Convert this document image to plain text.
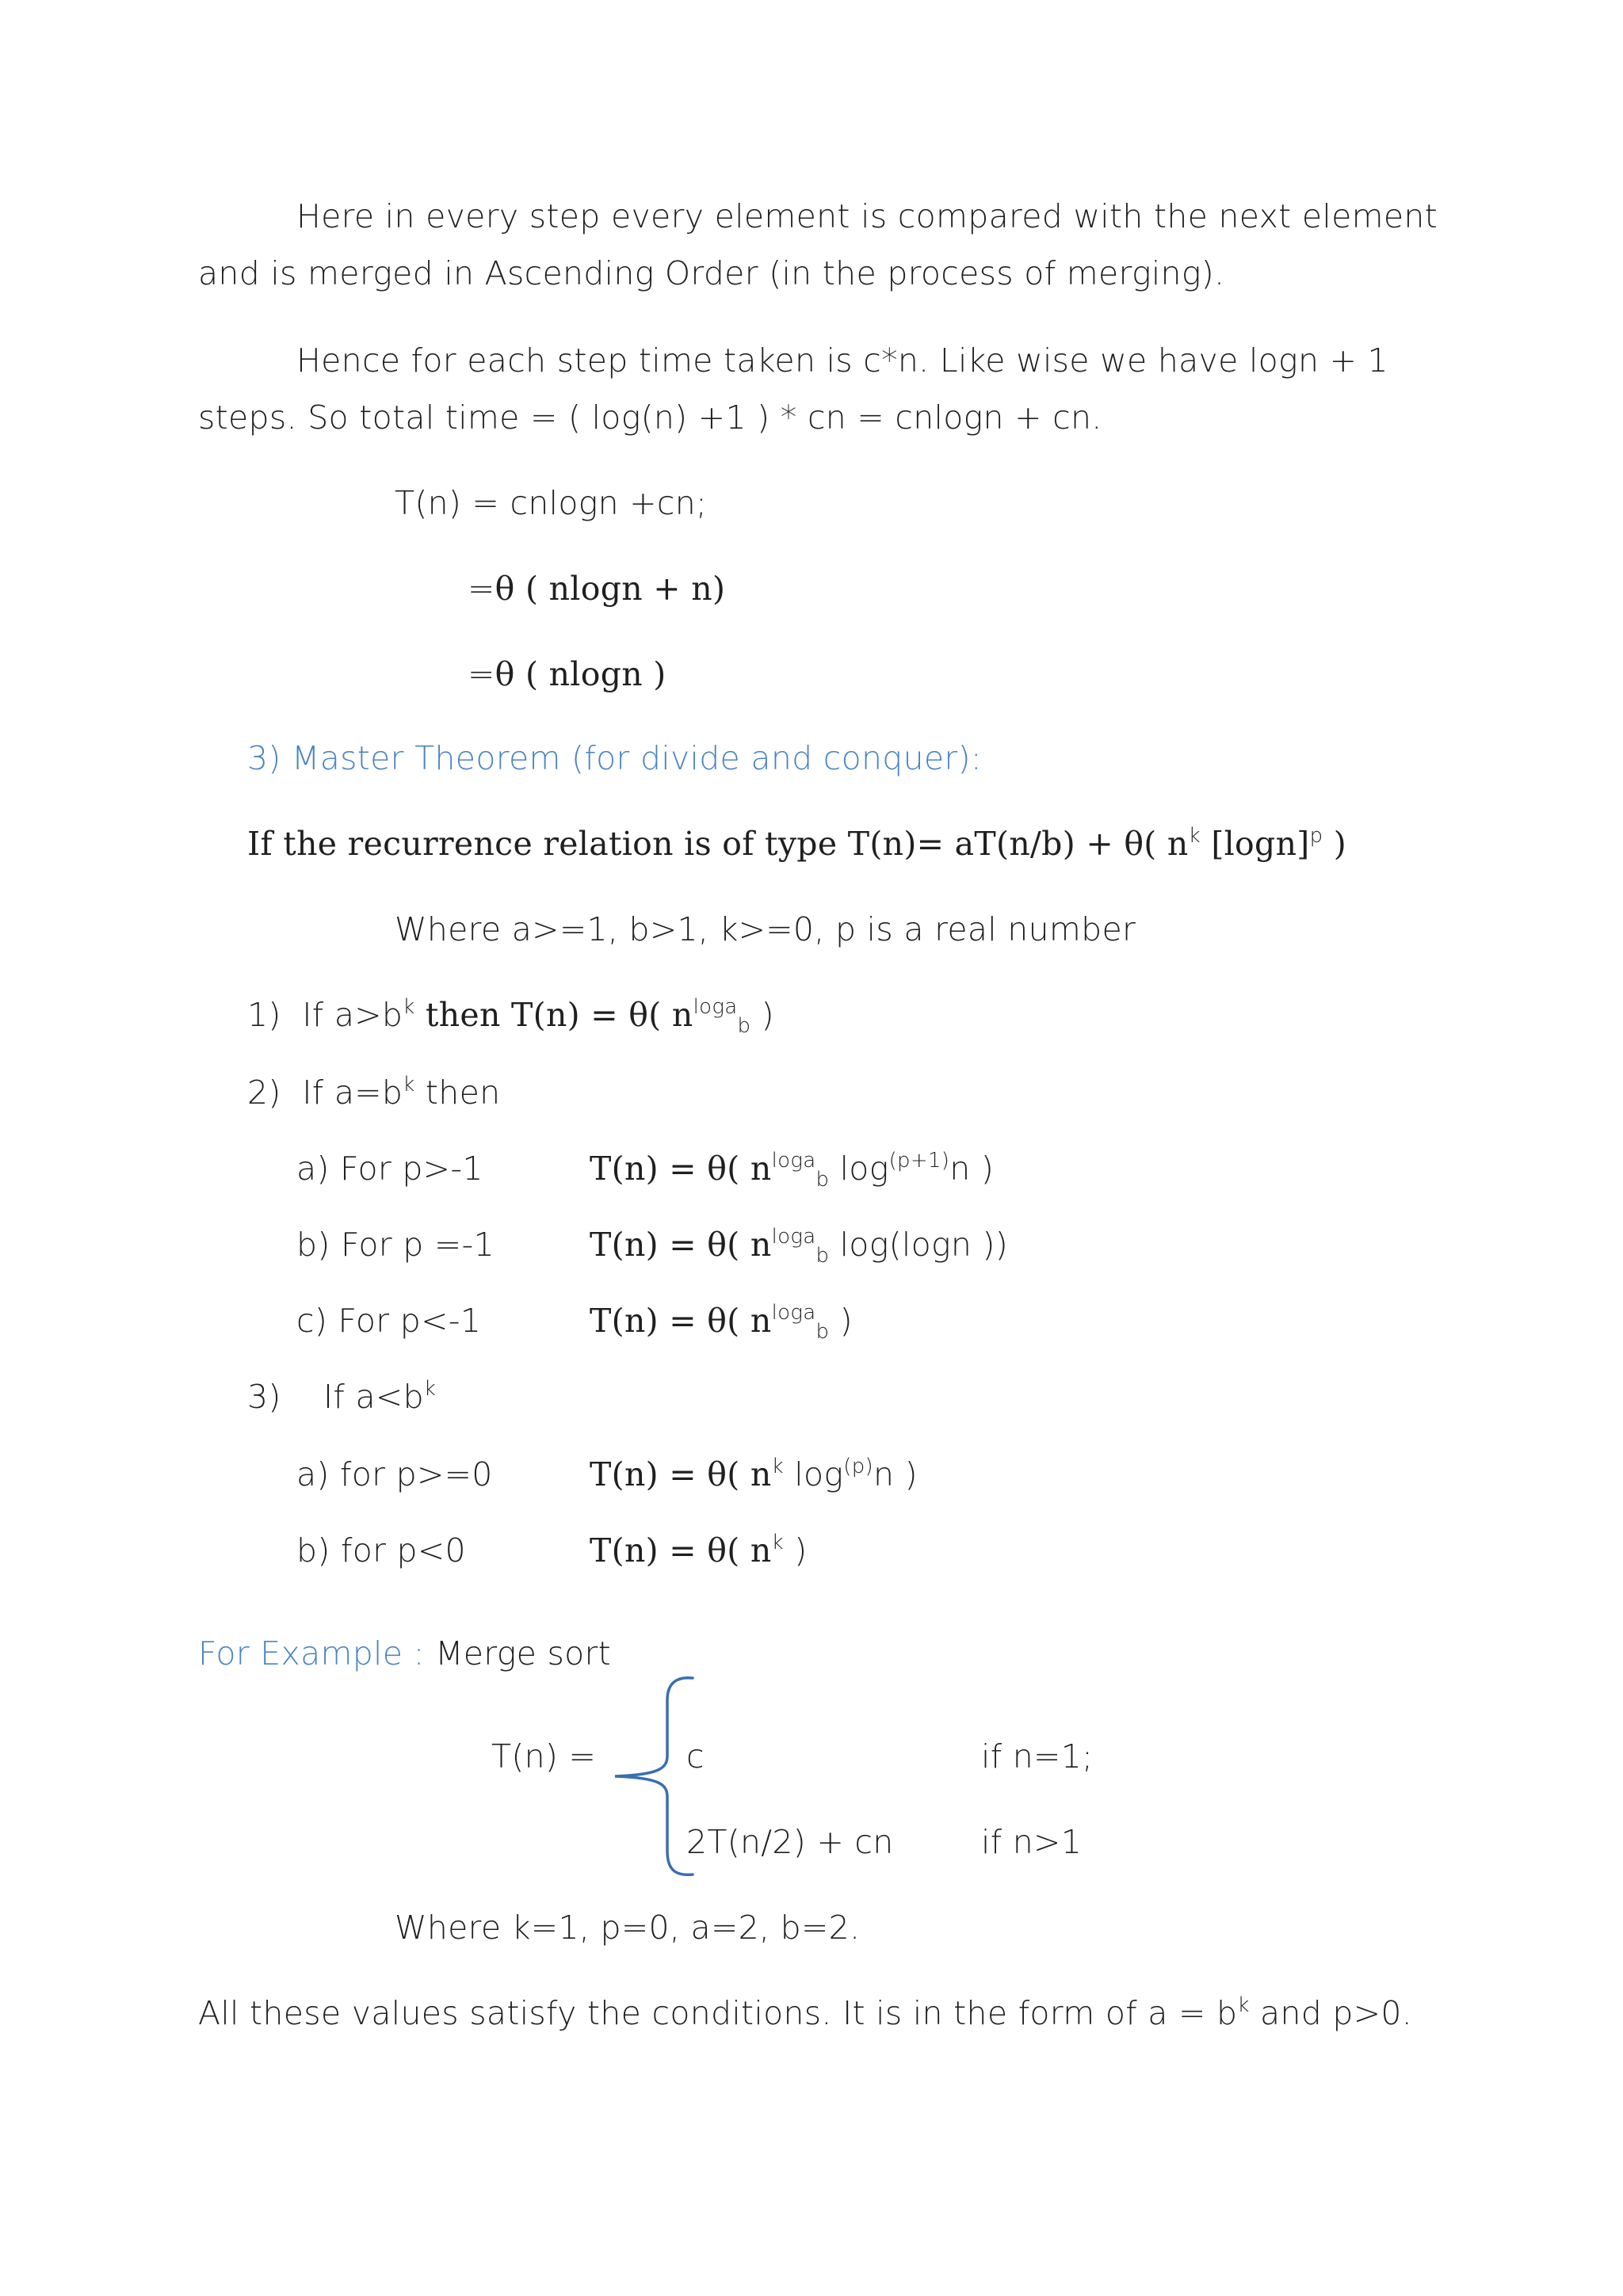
Here in every step every element is compared with the next element
and is merged in Ascending Order (in the process of merging).
Hence for each step time taken is c*n. Like wise we have logn + 1
steps. So total time = ( log(n) +1 ) * cn = cnlogn + cn.
T(n) = cnlogn +cn;
=θ ( nlogn + n)
=θ ( nlogn )
3) Master Theorem (for divide and conquer):
If the recurrence relation is of type T(n)= aT(n/b) + θ( $n^k$ $[\log n]^p$ )
Where a>=1, b>1, k>=0, p is a real number
1) If $a>b^k$ then T(n) = θ( $n^{loga}_b$ )
2) If $a=b^k$ then
a) For p>-1	T(n) = θ( $n^{loga}_b$ $\log^{(p+1)}n$ )
b) For p =-1	T(n) = θ( $n^{loga}_b$ log(logn ))
c) For p<-1	T(n) = θ( $n^{loga}_b$ )
3) If $a<b^k$
a) for p>=0	T(n) = θ( $n^k$ $\log^{(p)}n$ )
b) for p<0	T(n) = θ( $n^k$ )
For Example : Merge sort
T(n) =	c	if n=1;
2T(n/2) + cn	if n>1
Where k=1, p=0, a=2, b=2.
All these values satisfy the conditions. It is in the form of $a = b^k$ and p>0.
